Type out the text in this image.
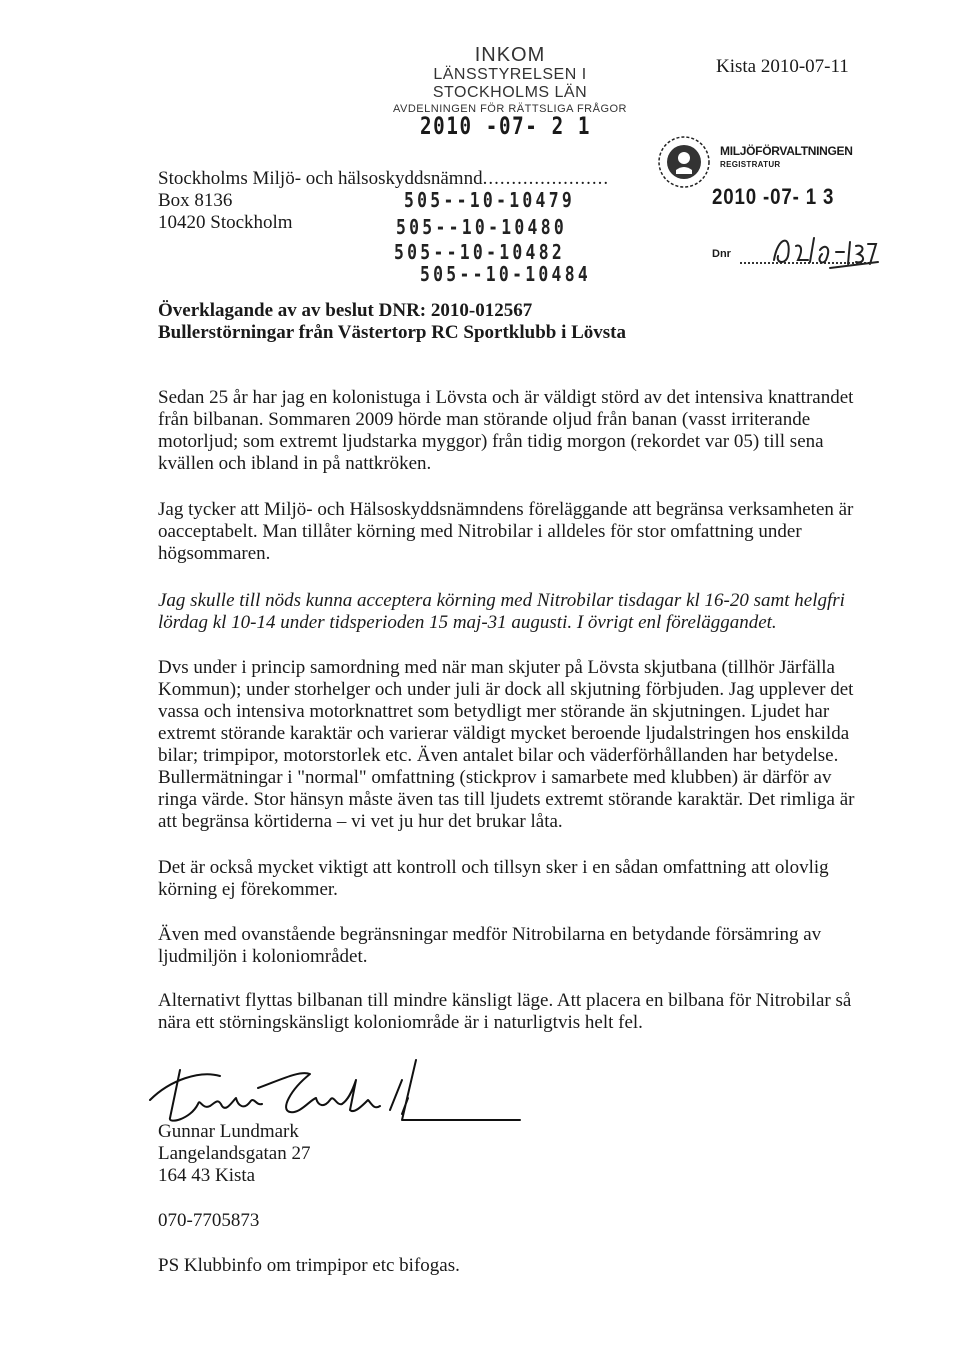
INKOM
LÄNSSTYRELSEN I STOCKHOLMS LÄN
AVDELNINGEN FÖR RÄTTSLIGA FRÅGOR
2010 -07- 2 1
Kista 2010-07-11
Stockholms Miljö- och hälsoskyddsnämnd......................
Box 8136
10420 Stockholm
505--10-10479
505--10-10480
505--10-10482
505--10-10484
MILJÖFÖRVALTNINGEN
REGISTRATUR
2010 -07- 1 3
Dnr
Överklagande av av beslut DNR: 2010-012567
Bullerstörningar från Västertorp RC Sportklubb i Lövsta

Sedan 25 år har jag en kolonistuga i Lövsta och är väldigt störd av det intensiva knattrandet från bilbanan. Sommaren 2009 hörde man störande oljud från banan (vasst irriterande motorljud; som extremt ljudstarka myggor) från tidig morgon (rekordet var 05) till sena kvällen och ibland in på nattkröken.

Jag tycker att Miljö- och Hälsoskyddsnämndens föreläggande att begränsa verksamheten är oacceptabelt. Man tillåter körning med Nitrobilar i alldeles för stor omfattning under högsommaren.

Jag skulle till nöds kunna acceptera körning med Nitrobilar tisdagar kl 16-20 samt helgfri lördag kl 10-14 under tidsperioden 15 maj-31 augusti. I övrigt enl föreläggandet.

Dvs under i princip samordning med när man skjuter på Lövsta skjutbana (tillhör Järfälla Kommun); under storhelger och under juli är dock all skjutning förbjuden. Jag upplever det vassa och intensiva motorknattret som betydligt mer störande än skjutningen. Ljudet har extremt störande karaktär och varierar väldigt mycket beroende ljudalstringen hos enskilda bilar; trimpipor, motorstorlek etc. Även antalet bilar och väderförhållanden har betydelse. Bullermätningar i "normal" omfattning (stickprov i samarbete med klubben) är därför av ringa värde. Stor hänsyn måste även tas till ljudets extremt störande karaktär. Det rimliga är att begränsa körtiderna – vi vet ju hur det brukar låta.

Det är också mycket viktigt att kontroll och tillsyn sker i en sådan omfattning att olovlig körning ej förekommer.

Även med ovanstående begränsningar medför Nitrobilarna en betydande försämring av ljudmiljön i koloniområdet.

Alternativt flyttas bilbanan till mindre känsligt läge. Att placera en bilbana för Nitrobilar så nära ett störningskänsligt koloniområde är i naturligtvis helt fel.

Gunnar Lundmark
Langelandsgatan 27
164 43 Kista
070-7705873
PS Klubbinfo om trimpipor etc bifogas.
